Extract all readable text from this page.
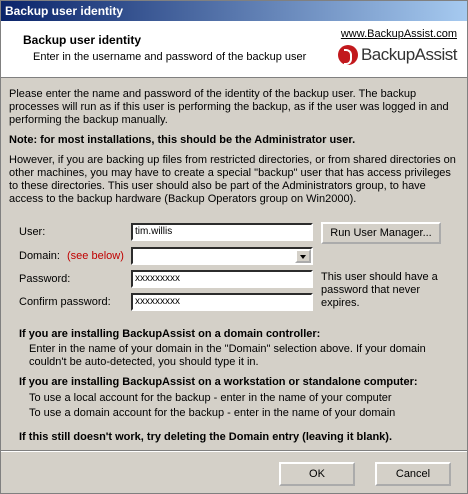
Backup user identity
Backup user identity
Enter in the username and password of the backup user
www.BackupAssist.com
BackupAssist
Please enter the name and password of the identity of the backup user. The backup processes will run as if this user is performing the backup, as if the user was logged in and performing the backup manually.
Note: for most installations, this should be the Administrator user.
However, if you are backing up files from restricted directories, or from shared directories on other machines, you may have to create a special "backup" user that has access privileges to these directories. This user should also be part of the Administrators group, to have access to the backup hardware (Backup Operators group on Win2000).
User:	tim.willis	Run User Manager...
Domain: (see below)
Password:	xxxxxxxxx	This user should have a password that never expires.
Confirm password:	xxxxxxxxx
If you are installing BackupAssist on a domain controller:
Enter in the name of your domain in the "Domain" selection above. If your domain couldn't be auto-detected, you should type it in.
If you are installing BackupAssist on a workstation or standalone computer:
To use a local account for the backup - enter in the name of your computer
To use a domain account for the backup - enter in the name of your domain
If this still doesn't work, try deleting the Domain entry (leaving it blank).
OK	Cancel
